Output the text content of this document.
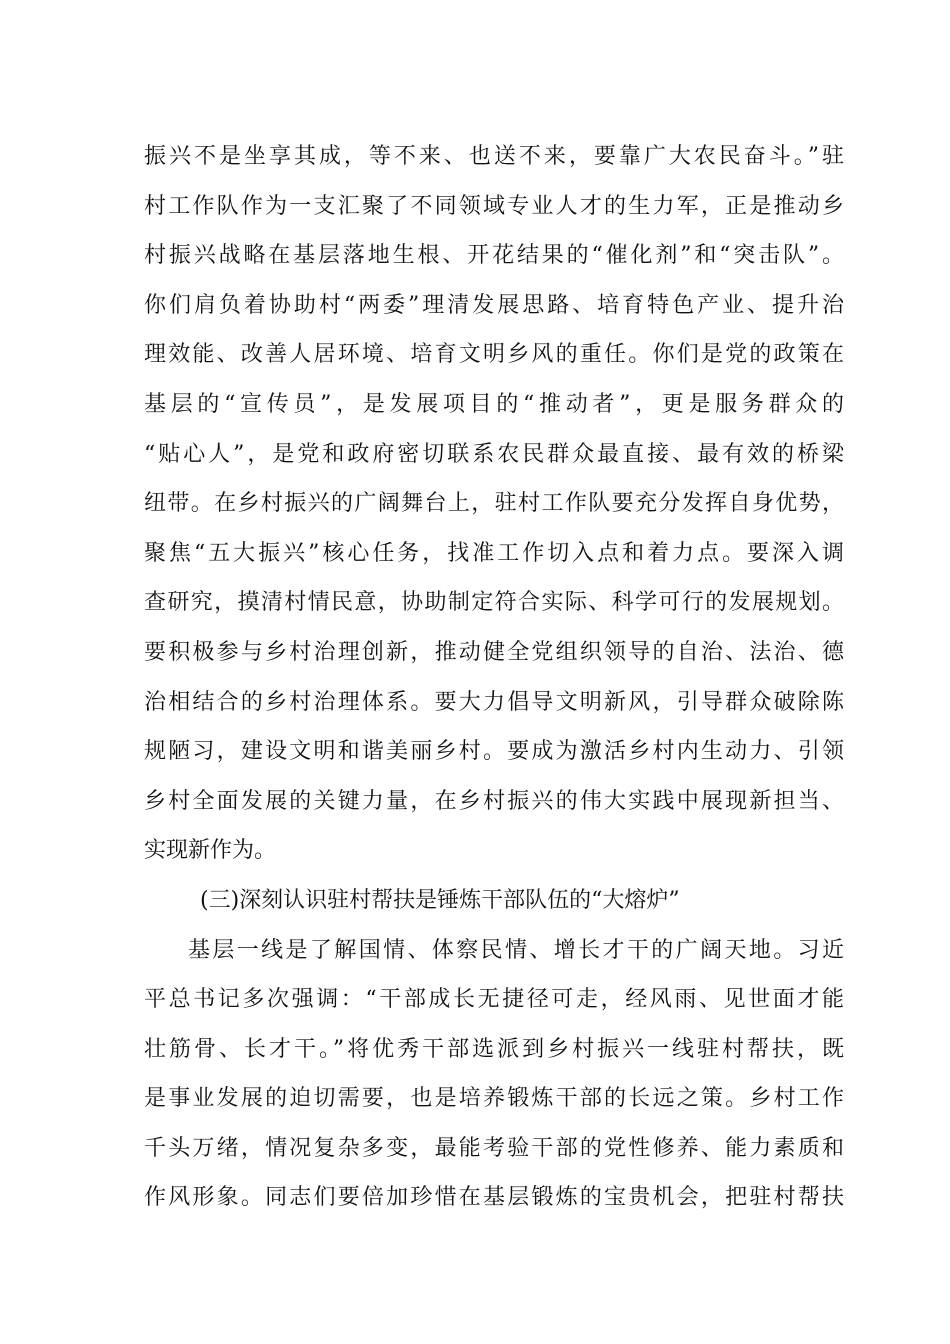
振兴不是坐享其成，等不来、也送不来，要靠广大农民奋斗。”驻
村工作队作为一支汇聚了不同领域专业人才的生力军，正是推动乡
村振兴战略在基层落地生根、开花结果的“催化剂”和“突击队”。
你们肩负着协助村“两委”理清发展思路、培育特色产业、提升治
理效能、改善人居环境、培育文明乡风的重任。你们是党的政策在
基层的“宣传员”，是发展项目的“推动者”，更是服务群众的
“贴心人”，是党和政府密切联系农民群众最直接、最有效的桥梁
纽带。在乡村振兴的广阔舞台上，驻村工作队要充分发挥自身优势，
聚焦“五大振兴”核心任务，找准工作切入点和着力点。要深入调
查研究，摸清村情民意，协助制定符合实际、科学可行的发展规划。
要积极参与乡村治理创新，推动健全党组织领导的自治、法治、德
治相结合的乡村治理体系。要大力倡导文明新风，引导群众破除陈
规陋习，建设文明和谐美丽乡村。要成为激活乡村内生动力、引领
乡村全面发展的关键力量，在乡村振兴的伟大实践中展现新担当、
实现新作为。
(三)深刻认识驻村帮扶是锤炼干部队伍的“大熔炉”
基层一线是了解国情、体察民情、增长才干的广阔天地。习近
平总书记多次强调：“干部成长无捷径可走，经风雨、见世面才能
壮筋骨、长才干。”将优秀干部选派到乡村振兴一线驻村帮扶，既
是事业发展的迫切需要，也是培养锻炼干部的长远之策。乡村工作
千头万绪，情况复杂多变，最能考验干部的党性修养、能力素质和
作风形象。同志们要倍加珍惜在基层锻炼的宝贵机会，把驻村帮扶
